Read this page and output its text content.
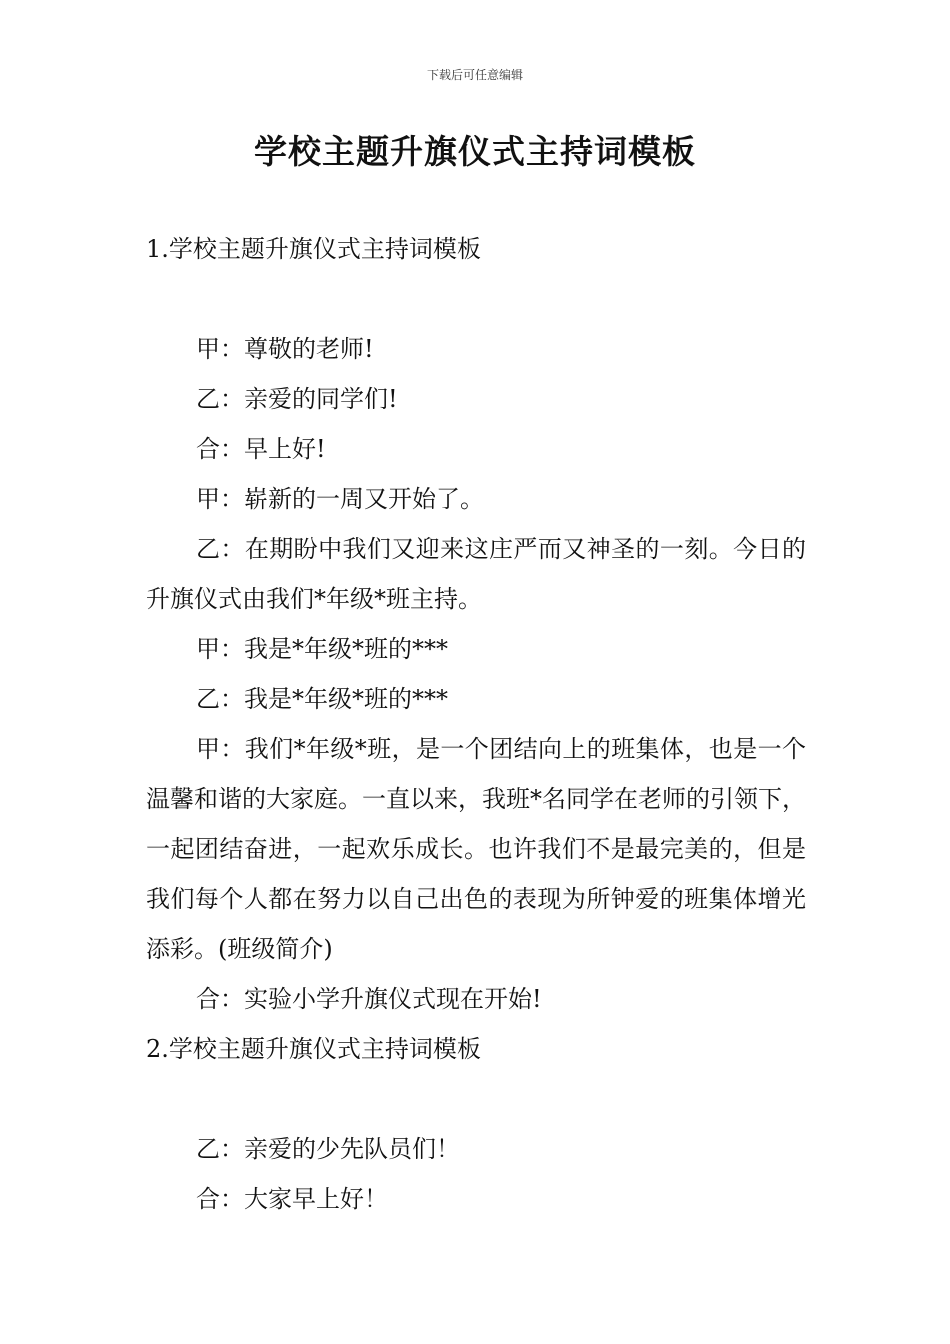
下载后可任意编辑
学校主题升旗仪式主持词模板
1.学校主题升旗仪式主持词模板

甲：尊敬的老师!

乙：亲爱的同学们!

合：早上好!

甲：崭新的一周又开始了。

乙：在期盼中我们又迎来这庄严而又神圣的一刻。今日的升旗仪式由我们*年级*班主持。

甲：我是*年级*班的***

乙：我是*年级*班的***

甲：我们*年级*班，是一个团结向上的班集体，也是一个温馨和谐的大家庭。一直以来，我班*名同学在老师的引领下，一起团结奋进，一起欢乐成长。也许我们不是最完美的，但是我们每个人都在努力以自己出色的表现为所钟爱的班集体增光添彩。(班级简介)

合：实验小学升旗仪式现在开始!

2.学校主题升旗仪式主持词模板

乙：亲爱的少先队员们！

合：大家早上好！
